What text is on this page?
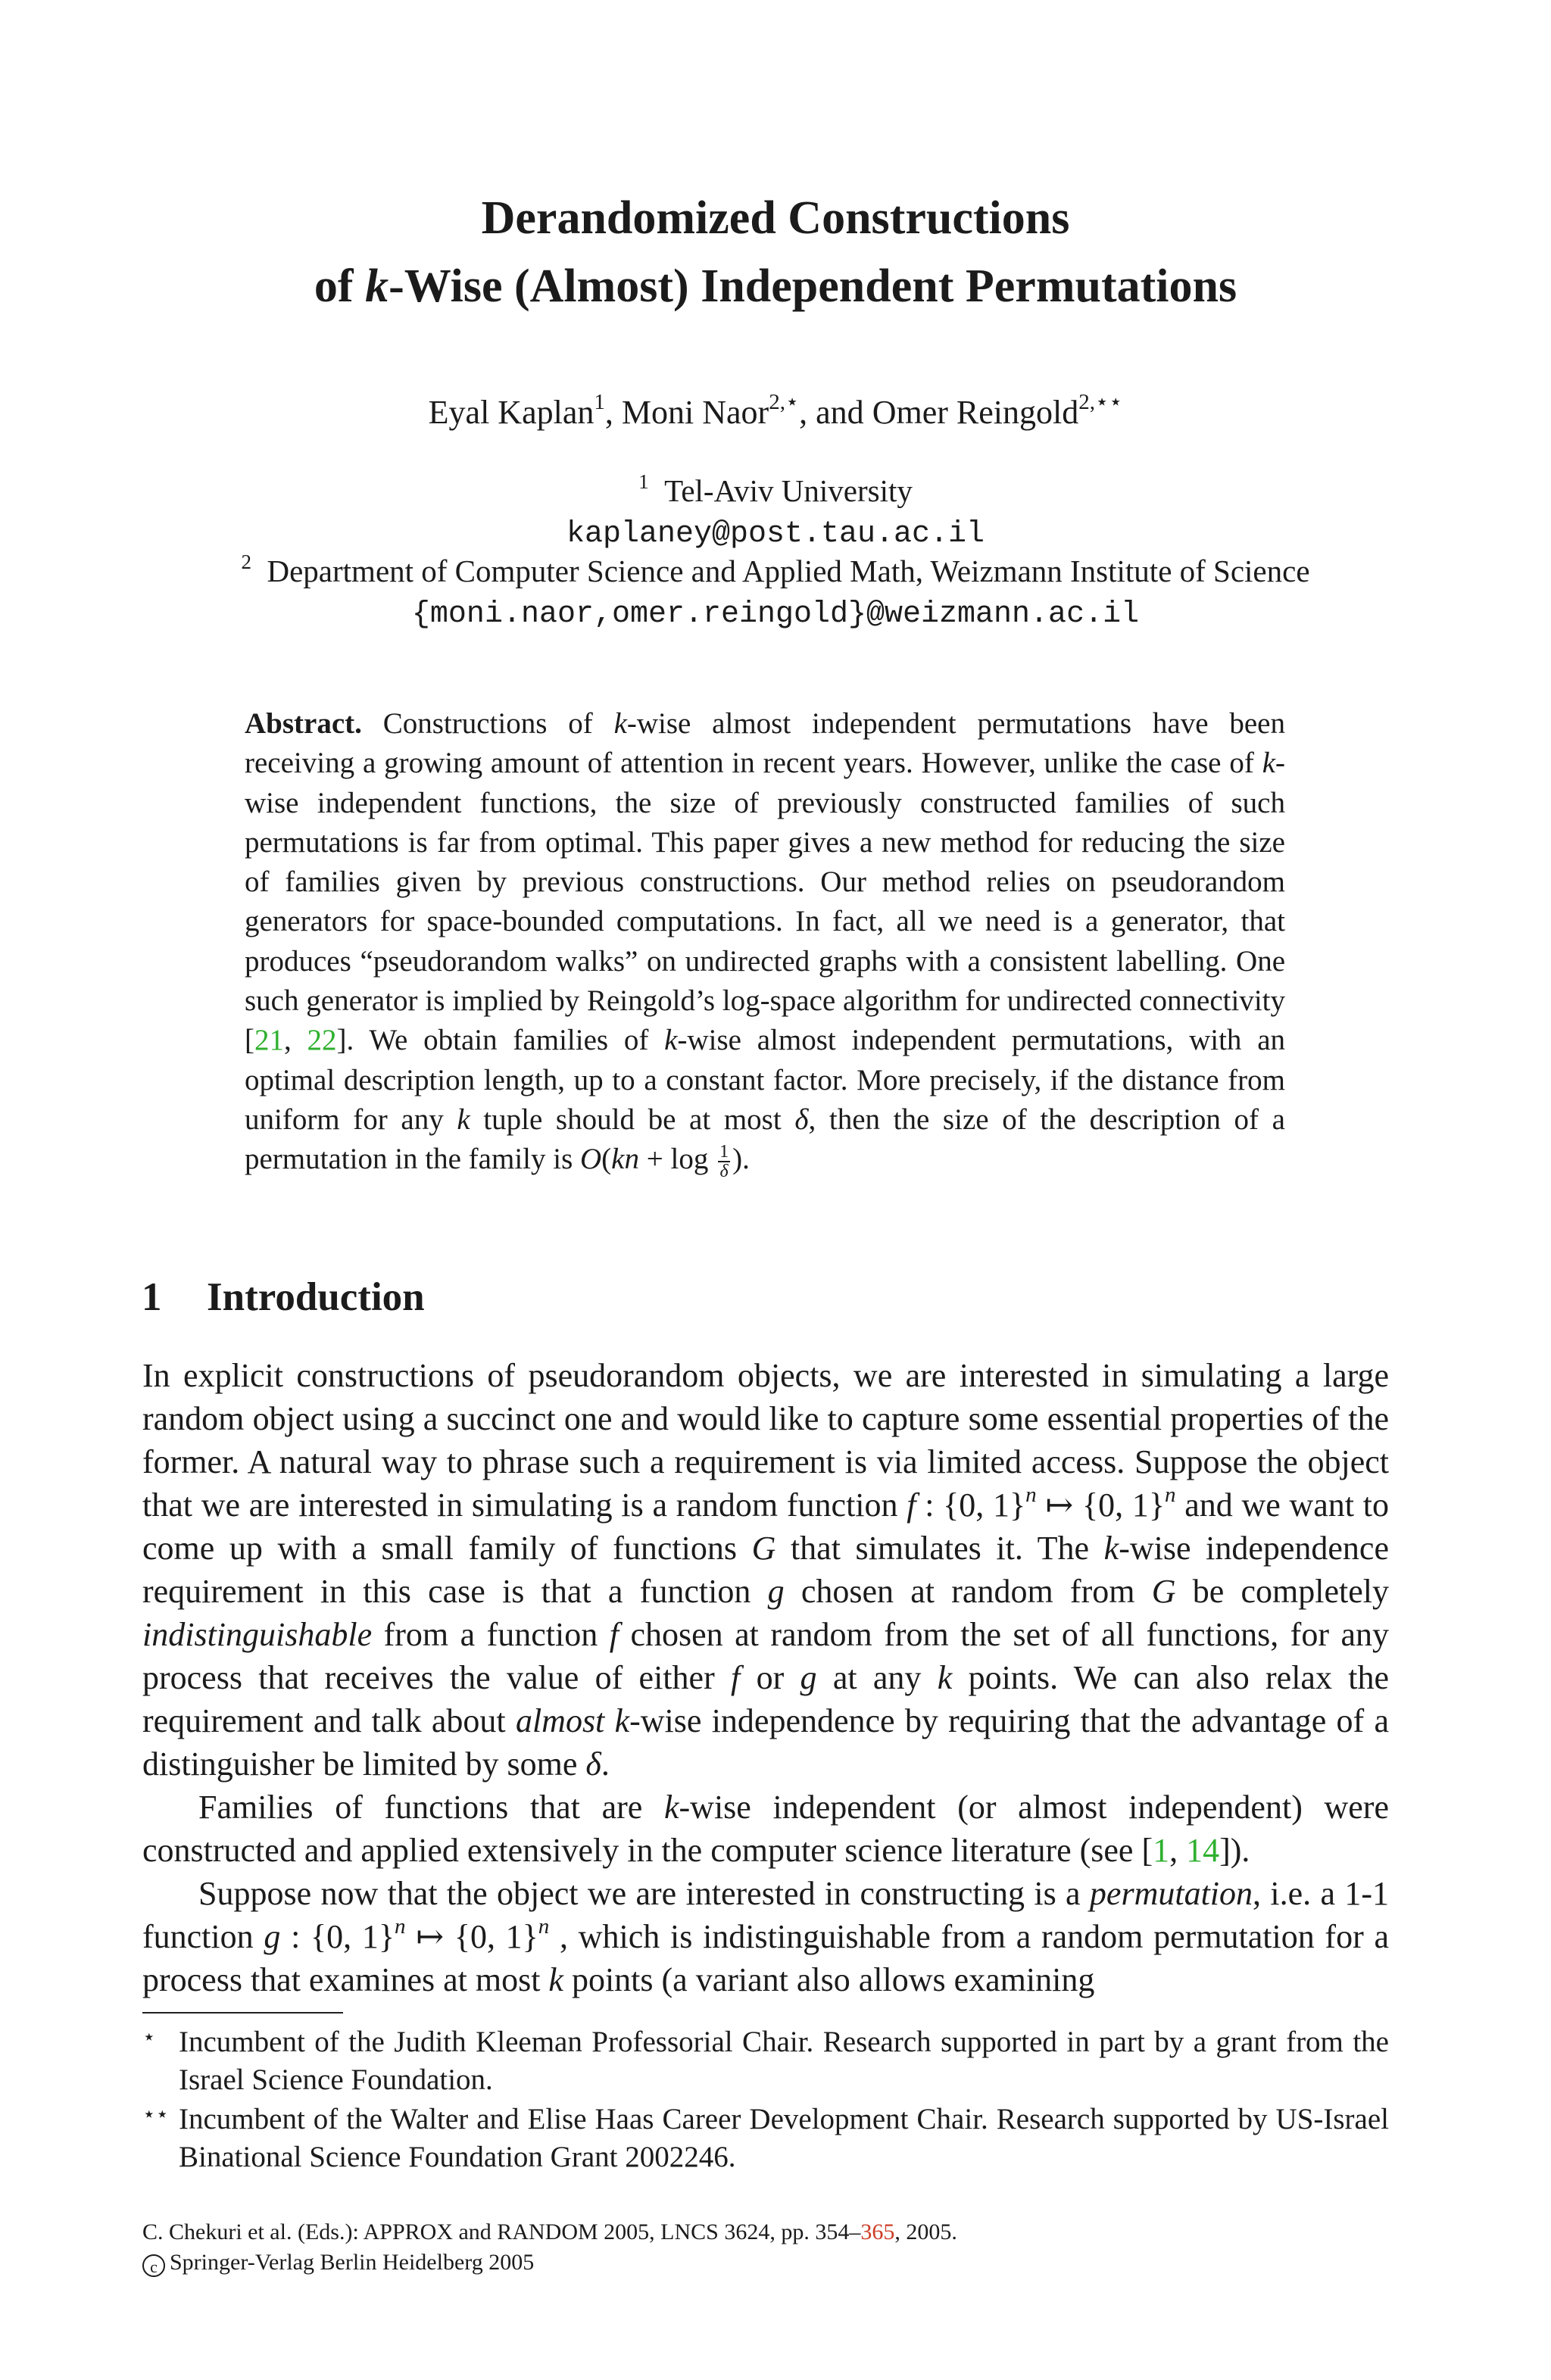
Derandomized Constructions
of k-Wise (Almost) Independent Permutations
Eyal Kaplan$^1$, Moni Naor$^{2,⋆}$, and Omer Reingold$^{2,⋆⋆}$
$^1$ Tel-Aviv University
kaplaney@post.tau.ac.il
$^2$ Department of Computer Science and Applied Math, Weizmann Institute of Science
{moni.naor,omer.reingold}@weizmann.ac.il

Abstract. Constructions of k-wise almost independent permutations have been receiving a growing amount of attention in recent years. However, unlike the case of k-wise independent functions, the size of previously constructed families of such permutations is far from optimal. This paper gives a new method for reducing the size of families given by previous constructions. Our method relies on pseudorandom generators for space-bounded computations. In fact, all we need is a generator, that produces “pseudorandom walks” on undirected graphs with a consistent labelling. One such generator is implied by Reingold’s log-space algorithm for undirected connectivity [21, 22]. We obtain families of k-wise almost independent permutations, with an optimal description length, up to a constant factor. More precisely, if the distance from uniform for any k tuple should be at most δ, then the size of the description of a permutation in the family is $O(kn + \log \frac{1}{\delta}$ ).

1 Introduction

In explicit constructions of pseudorandom objects, we are interested in simulating a large random object using a succinct one and would like to capture some essential properties of the former. A natural way to phrase such a requirement is via limited access. Suppose the object that we are interested in simulating is a random function f : {0, 1}$^n$ ↦ {0, 1}$^n$ and we want to come up with a small family of functions G that simulates it. The k-wise independence requirement in this case is that a function g chosen at random from G be completely indistinguishable from a function f chosen at random from the set of all functions, for any process that receives the value of either f or g at any k points. We can also relax the requirement and talk about almost k-wise independence by requiring that the advantage of a distinguisher be limited by some δ.

Families of functions that are k-wise independent (or almost independent) were constructed and applied extensively in the computer science literature (see [1, 14]).

Suppose now that the object we are interested in constructing is a permutation, i.e. a 1-1 function g : {0, 1}$^n$ ↦ {0, 1}$^n$ , which is indistinguishable from a random permutation for a process that examines at most k points (a variant also allows examining

⋆ Incumbent of the Judith Kleeman Professorial Chair. Research supported in part by a grant from the Israel Science Foundation.
⋆⋆ Incumbent of the Walter and Elise Haas Career Development Chair. Research supported by US-Israel Binational Science Foundation Grant 2002246.
C. Chekuri et al. (Eds.): APPROX and RANDOM 2005, LNCS 3624, pp. 354–365, 2005.
c Springer-Verlag Berlin Heidelberg 2005
